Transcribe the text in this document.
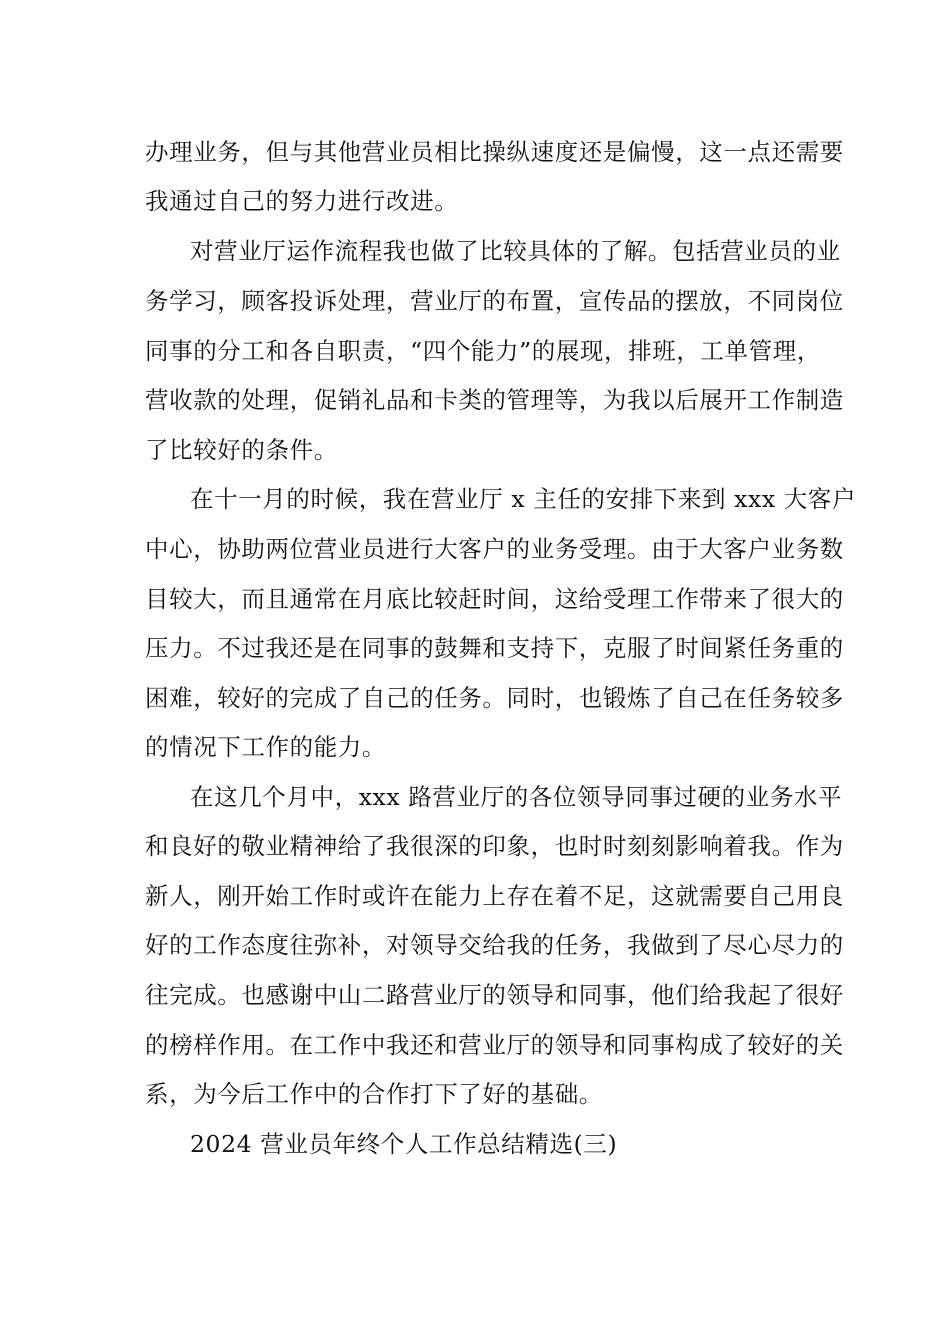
办理业务，但与其他营业员相比操纵速度还是偏慢，这一点还需要
我通过自己的努力进行改进。
对营业厅运作流程我也做了比较具体的了解。包括营业员的业
务学习，顾客投诉处理，营业厅的布置，宣传品的摆放，不同岗位
同事的分工和各自职责，“四个能力”的展现，排班，工单管理，
营收款的处理，促销礼品和卡类的管理等，为我以后展开工作制造
了比较好的条件。
在十一月的时候，我在营业厅 x 主任的安排下来到 xxx 大客户
中心，协助两位营业员进行大客户的业务受理。由于大客户业务数
目较大，而且通常在月底比较赶时间，这给受理工作带来了很大的
压力。不过我还是在同事的鼓舞和支持下，克服了时间紧任务重的
困难，较好的完成了自己的任务。同时，也锻炼了自己在任务较多
的情况下工作的能力。
在这几个月中，xxx 路营业厅的各位领导同事过硬的业务水平
和良好的敬业精神给了我很深的印象，也时时刻刻影响着我。作为
新人，刚开始工作时或许在能力上存在着不足，这就需要自己用良
好的工作态度往弥补，对领导交给我的任务，我做到了尽心尽力的
往完成。也感谢中山二路营业厅的领导和同事，他们给我起了很好
的榜样作用。在工作中我还和营业厅的领导和同事构成了较好的关
系，为今后工作中的合作打下了好的基础。
2024 营业员年终个人工作总结精选(三)
